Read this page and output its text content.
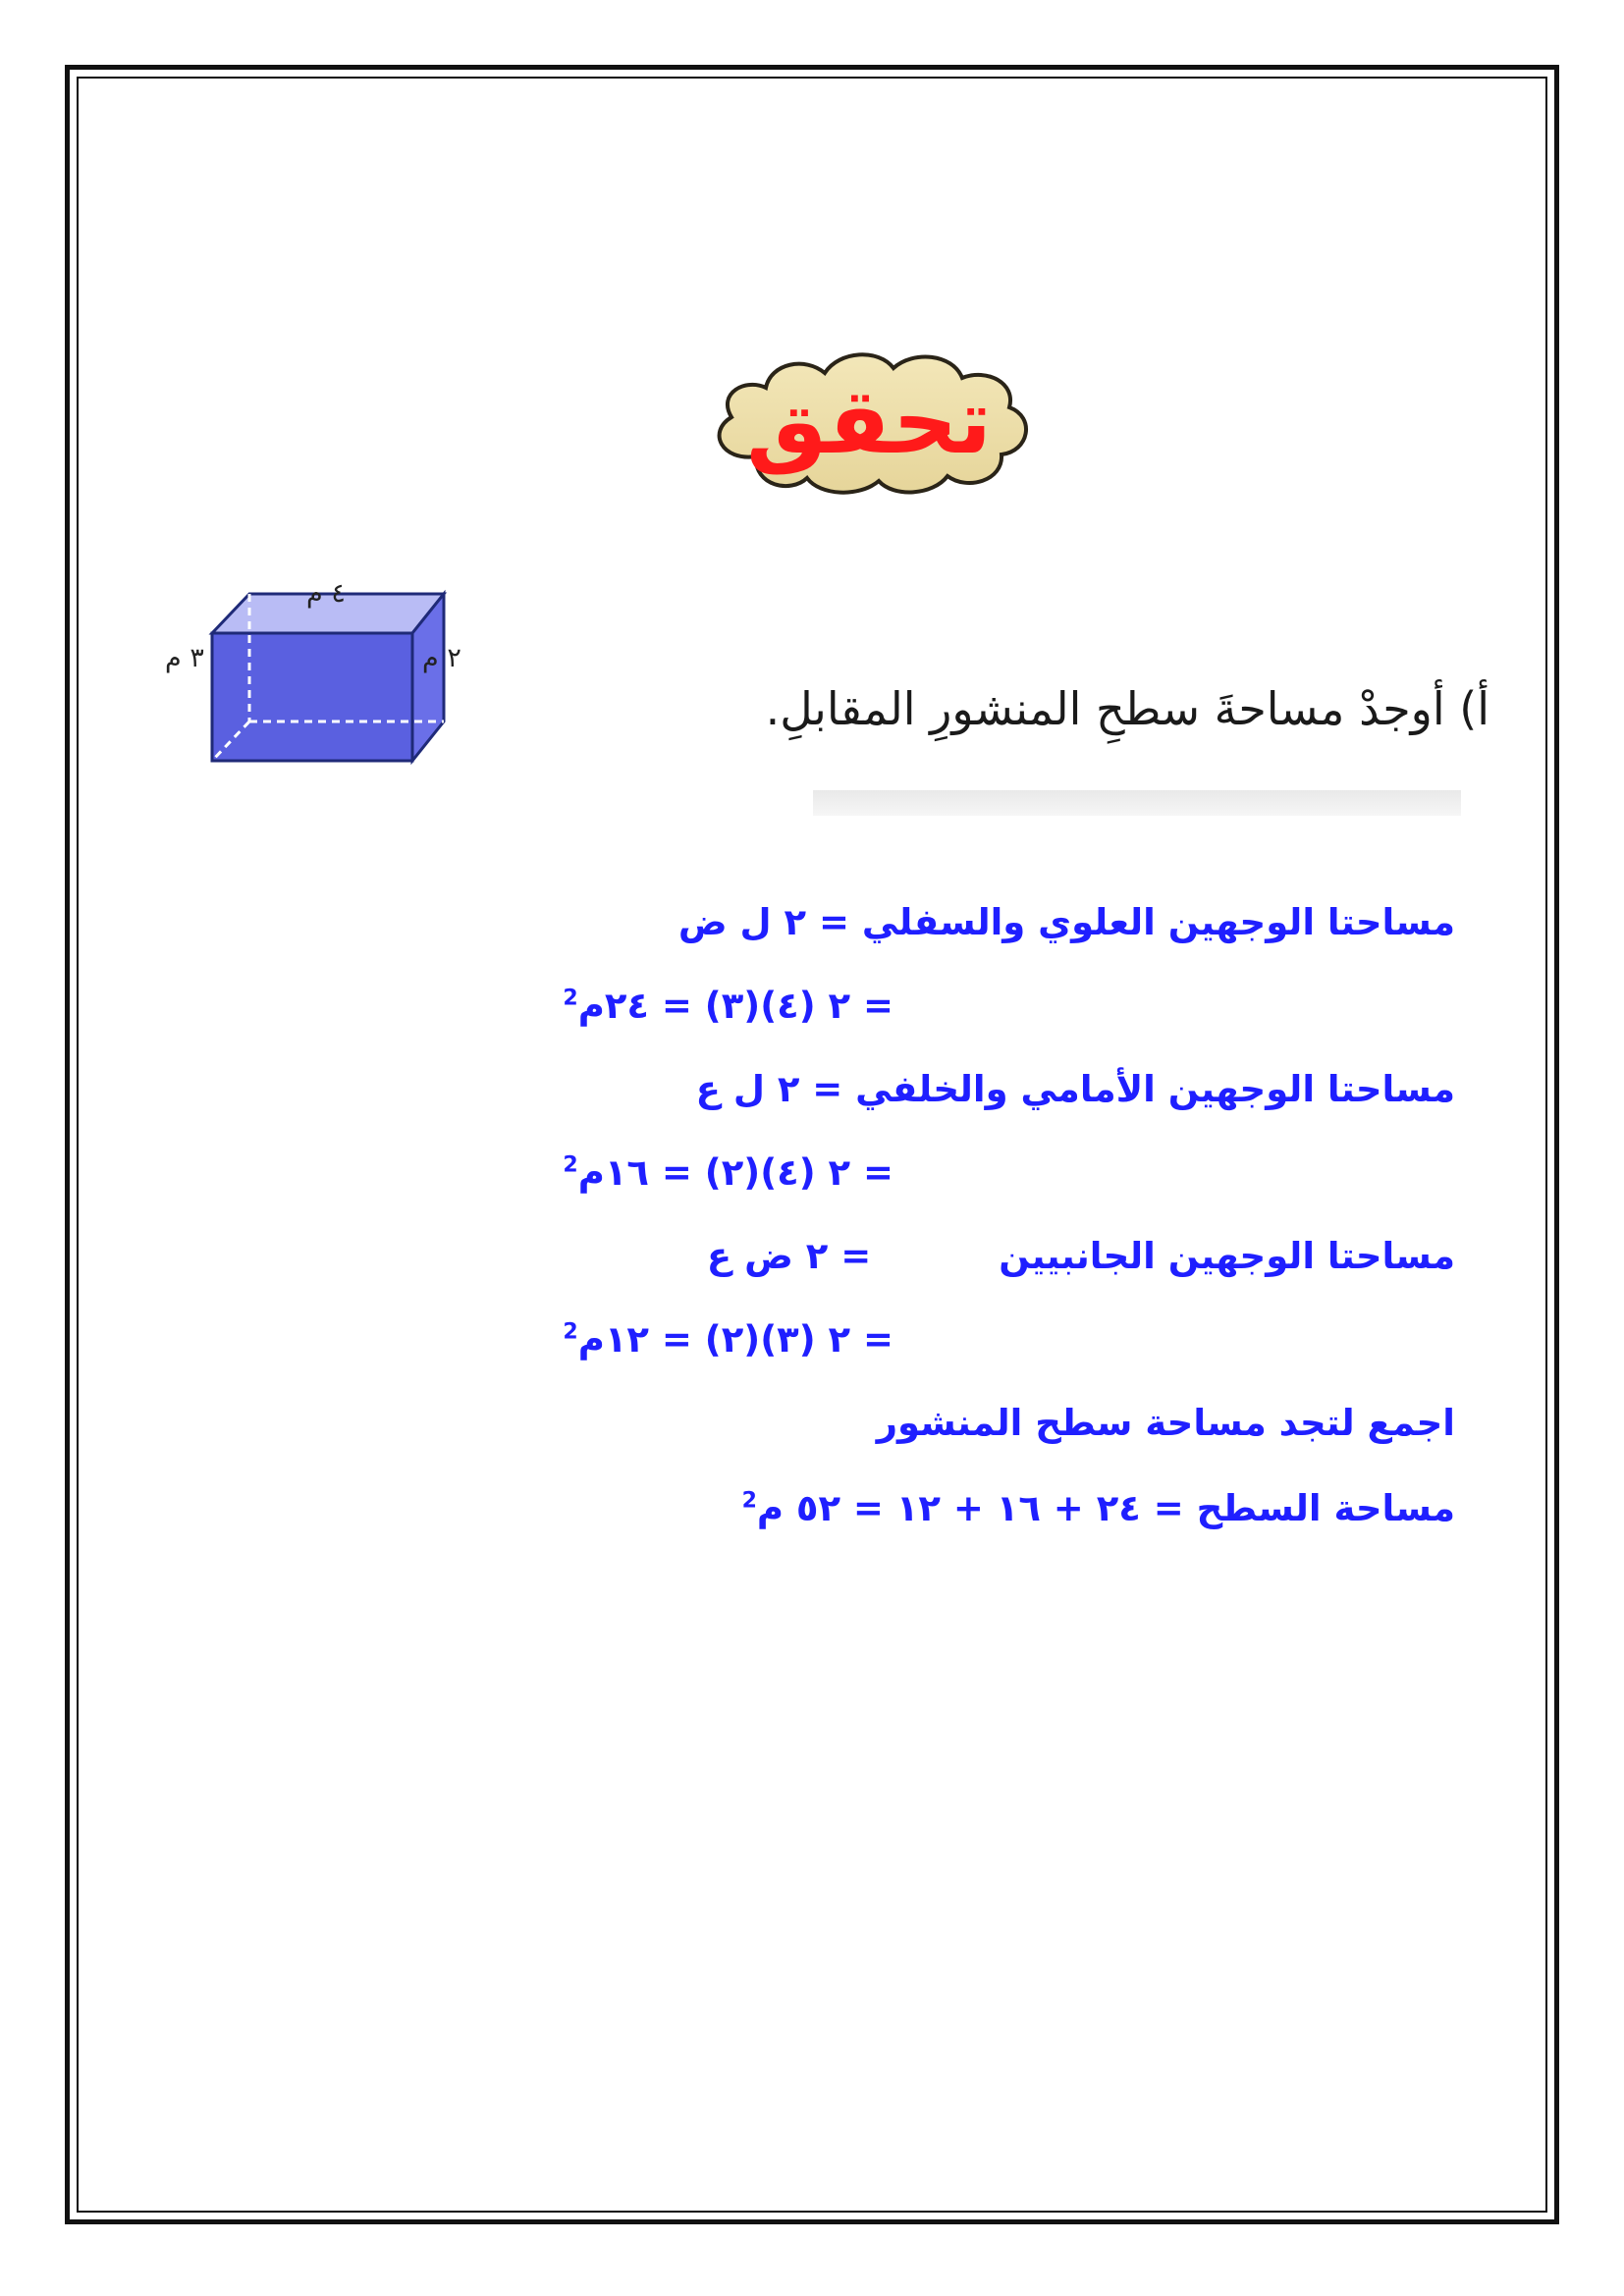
تحقق
٤ م
٣ م	٢ م
أ) أوجدْ مساحةَ سطحِ المنشورِ المقابلِ.
مساحتا الوجهين العلوي والسفلي = ٢ ل ض
= ٢ (٤)(٣) = ٢٤م$^2$
مساحتا الوجهين الأمامي والخلفي = ٢ ل ع
= ٢ (٤)(٢) = ١٦م$^2$
مساحتا الوجهين الجانبيين= ٢ ض ع
= ٢ (٣)(٢) = ١٢م$^2$
اجمع لتجد مساحة سطح المنشور
مساحة السطح = ٢٤ + ١٦ + ١٢ = ٥٢ م$^2$
